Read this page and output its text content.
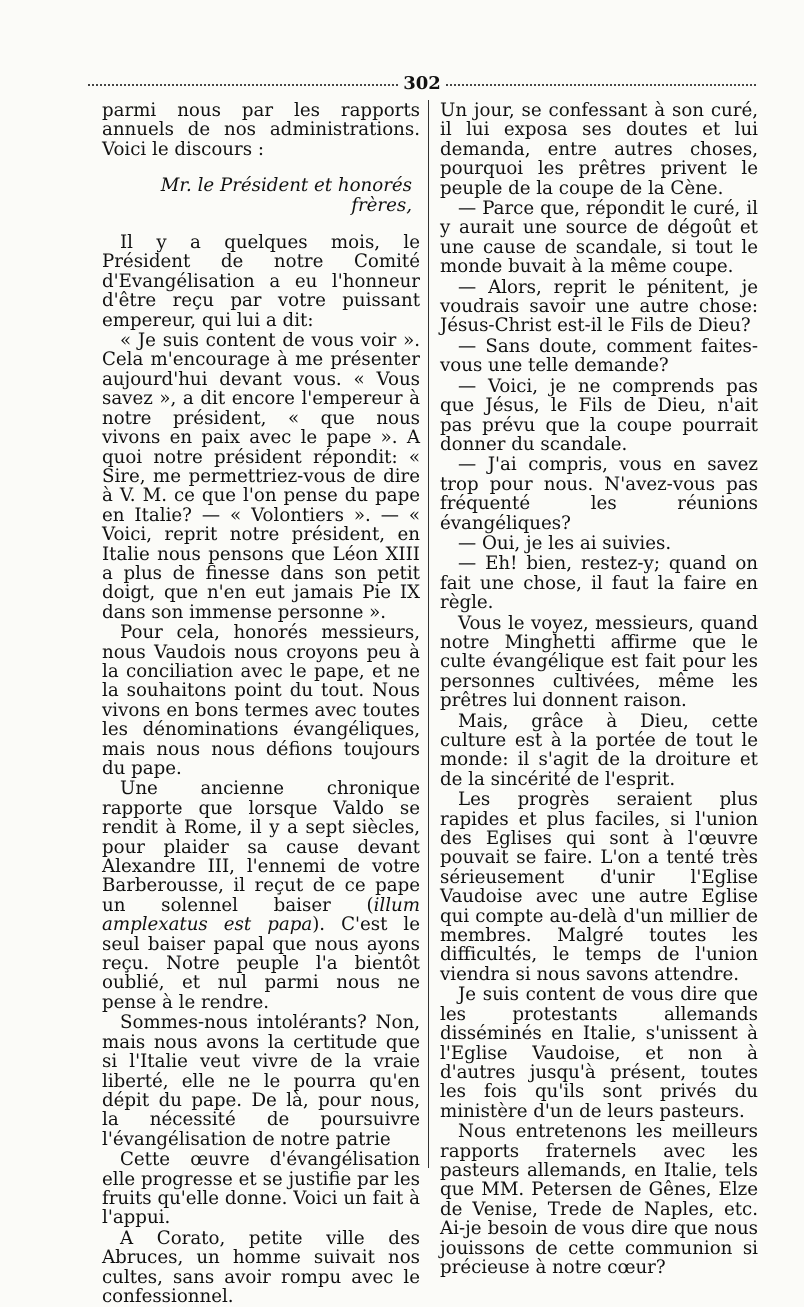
302

parmi nous par les rapports annuels de nos administrations. Voici le discours :

Mr. le Président et honorés frères,

Il y a quelques mois, le Président de notre Comité d'Evangélisation a eu l'honneur d'être reçu par votre puissant empereur, qui lui a dit:

« Je suis content de vous voir ». Cela m'encourage à me présenter aujourd'hui devant vous. « Vous savez », a dit encore l'empereur à notre président, « que nous vivons en paix avec le pape ». A quoi notre président répondit: « Sire, me permettriez-vous de dire à V. M. ce que l'on pense du pape en Italie? — « Volontiers ». — « Voici, reprit notre président, en Italie nous pensons que Léon XIII a plus de finesse dans son petit doigt, que n'en eut jamais Pie IX dans son immense personne ».

Pour cela, honorés messieurs, nous Vaudois nous croyons peu à la conciliation avec le pape, et ne la souhaitons point du tout. Nous vivons en bons termes avec toutes les dénominations évangéliques, mais nous nous défions toujours du pape.

Une ancienne chronique rapporte que lorsque Valdo se rendit à Rome, il y a sept siècles, pour plaider sa cause devant Alexandre III, l'ennemi de votre Barberousse, il reçut de ce pape un solennel baiser (illum amplexatus est papa). C'est le seul baiser papal que nous ayons reçu. Notre peuple l'a bientôt oublié, et nul parmi nous ne pense à le rendre.

Sommes-nous intolérants? Non, mais nous avons la certitude que si l'Italie veut vivre de la vraie liberté, elle ne le pourra qu'en dépit du pape. De là, pour nous, la nécessité de poursuivre l'évangélisation de notre patrie

Cette œuvre d'évangélisation elle progresse et se justifie par les fruits qu'elle donne. Voici un fait à l'appui.

A Corato, petite ville des Abruces, un homme suivait nos cultes, sans avoir rompu avec le confessionnel.

Un jour, se confessant à son curé, il lui exposa ses doutes et lui demanda, entre autres choses, pourquoi les prêtres privent le peuple de la coupe de la Cène.

— Parce que, répondit le curé, il y aurait une source de dégoût et une cause de scandale, si tout le monde buvait à la même coupe.

— Alors, reprit le pénitent, je voudrais savoir une autre chose: Jésus-Christ est-il le Fils de Dieu?

— Sans doute, comment faites-vous une telle demande?

— Voici, je ne comprends pas que Jésus, le Fils de Dieu, n'ait pas prévu que la coupe pourrait donner du scandale.

— J'ai compris, vous en savez trop pour nous. N'avez-vous pas fréquenté les réunions évangéliques?

— Oui, je les ai suivies.

— Eh! bien, restez-y; quand on fait une chose, il faut la faire en règle.

Vous le voyez, messieurs, quand notre Minghetti affirme que le culte évangélique est fait pour les personnes cultivées, même les prêtres lui donnent raison.

Mais, grâce à Dieu, cette culture est à la portée de tout le monde: il s'agit de la droiture et de la sincérité de l'esprit.

Les progrès seraient plus rapides et plus faciles, si l'union des Eglises qui sont à l'œuvre pouvait se faire. L'on a tenté très sérieusement d'unir l'Eglise Vaudoise avec une autre Eglise qui compte au-delà d'un millier de membres. Malgré toutes les difficultés, le temps de l'union viendra si nous savons attendre.

Je suis content de vous dire que les protestants allemands disséminés en Italie, s'unissent à l'Eglise Vaudoise, et non à d'autres jusqu'à présent, toutes les fois qu'ils sont privés du ministère d'un de leurs pasteurs.

Nous entretenons les meilleurs rapports fraternels avec les pasteurs allemands, en Italie, tels que MM. Petersen de Gênes, Elze de Venise, Trede de Naples, etc. Ai-je besoin de vous dire que nous jouissons de cette communion si précieuse à notre cœur?
